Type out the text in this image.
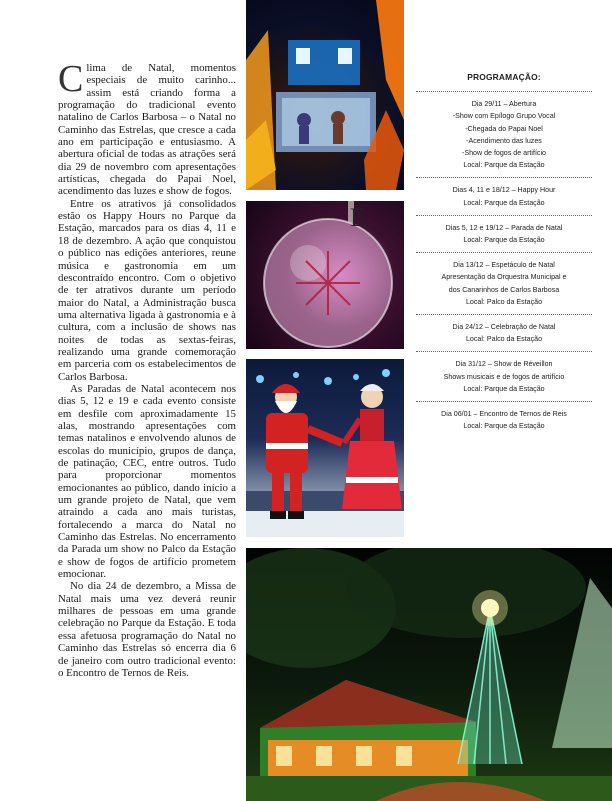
Clima de Natal, momentos especiais de muito carinho... assim está criando forma a programação do tradicional evento natalino de Carlos Barbosa – o Natal no Caminho das Estrelas, que cresce a cada ano em participação e entusiasmo. A abertura oficial de todas as atrações será dia 29 de novembro com apresentações artísticas, chegada do Papai Noel, acendimento das luzes e show de fogos.

Entre os atrativos já consolidados estão os Happy Hours no Parque da Estação, marcados para os dias 4, 11 e 18 de dezembro. A ação que conquistou o público nas edições anteriores, reune música e gastronomia em um descontraído encontro. Com o objetivo de ter atrativos durante um período maior do Natal, a Administração busca uma alternativa ligada à gastronomia e à cultura, com a inclusão de shows nas noites de todas as sextas-feiras, realizando uma grande comemoração em parceria com os estabelecimentos de Carlos Barbosa.

As Paradas de Natal acontecem nos dias 5, 12 e 19 e cada evento consiste em desfile com aproximadamente 15 alas, mostrando apresentações com temas natalinos e envolvendo alunos de escolas do município, grupos de dança, de patinação, CEC, entre outros. Tudo para proporcionar momentos emocionantes ao público, dando início a um grande projeto de Natal, que vem atraindo a cada ano mais turistas, fortalecendo a marca do Natal no Caminho das Estrelas. No encerramento da Parada um show no Palco da Estação e show de fogos de artifício prometem emocionar.

No dia 24 de dezembro, a Missa de Natal mais uma vez deverá reunir milhares de pessoas em uma grande celebração no Parque da Estação. E toda essa afetuosa programação do Natal no Caminho das Estrelas só encerra dia 6 de janeiro com outro tradicional evento: o Encontro de Ternos de Reis.

E
PROGRAMAÇÃO:
Dia 29/11 – Abertura
-Show com Epílogo Grupo Vocal
-Chegada do Papai Noel
-Acendimento das luzes
-Show de fogos de artifício
Local: Parque da Estação
Dias 4, 11 e 18/12 – Happy Hour
Local: Parque da Estação
Dias 5, 12 e 19/12 – Parada de Natal
Local: Parque da Estação
Dia 13/12 – Espetáculo de Natal
Apresentação da Orquestra Municipal e
dos Canarinhos de Carlos Barbosa
Local: Palco da Estação
Dia 24/12 – Celebração de Natal
Local: Palco da Estação
Dia 31/12 – Show de Réveillon
Shows musicais e de fogos de artifício
Local: Parque da Estação
Dia 06/01 – Encontro de Ternos de Reis
Local: Parque da Estação
